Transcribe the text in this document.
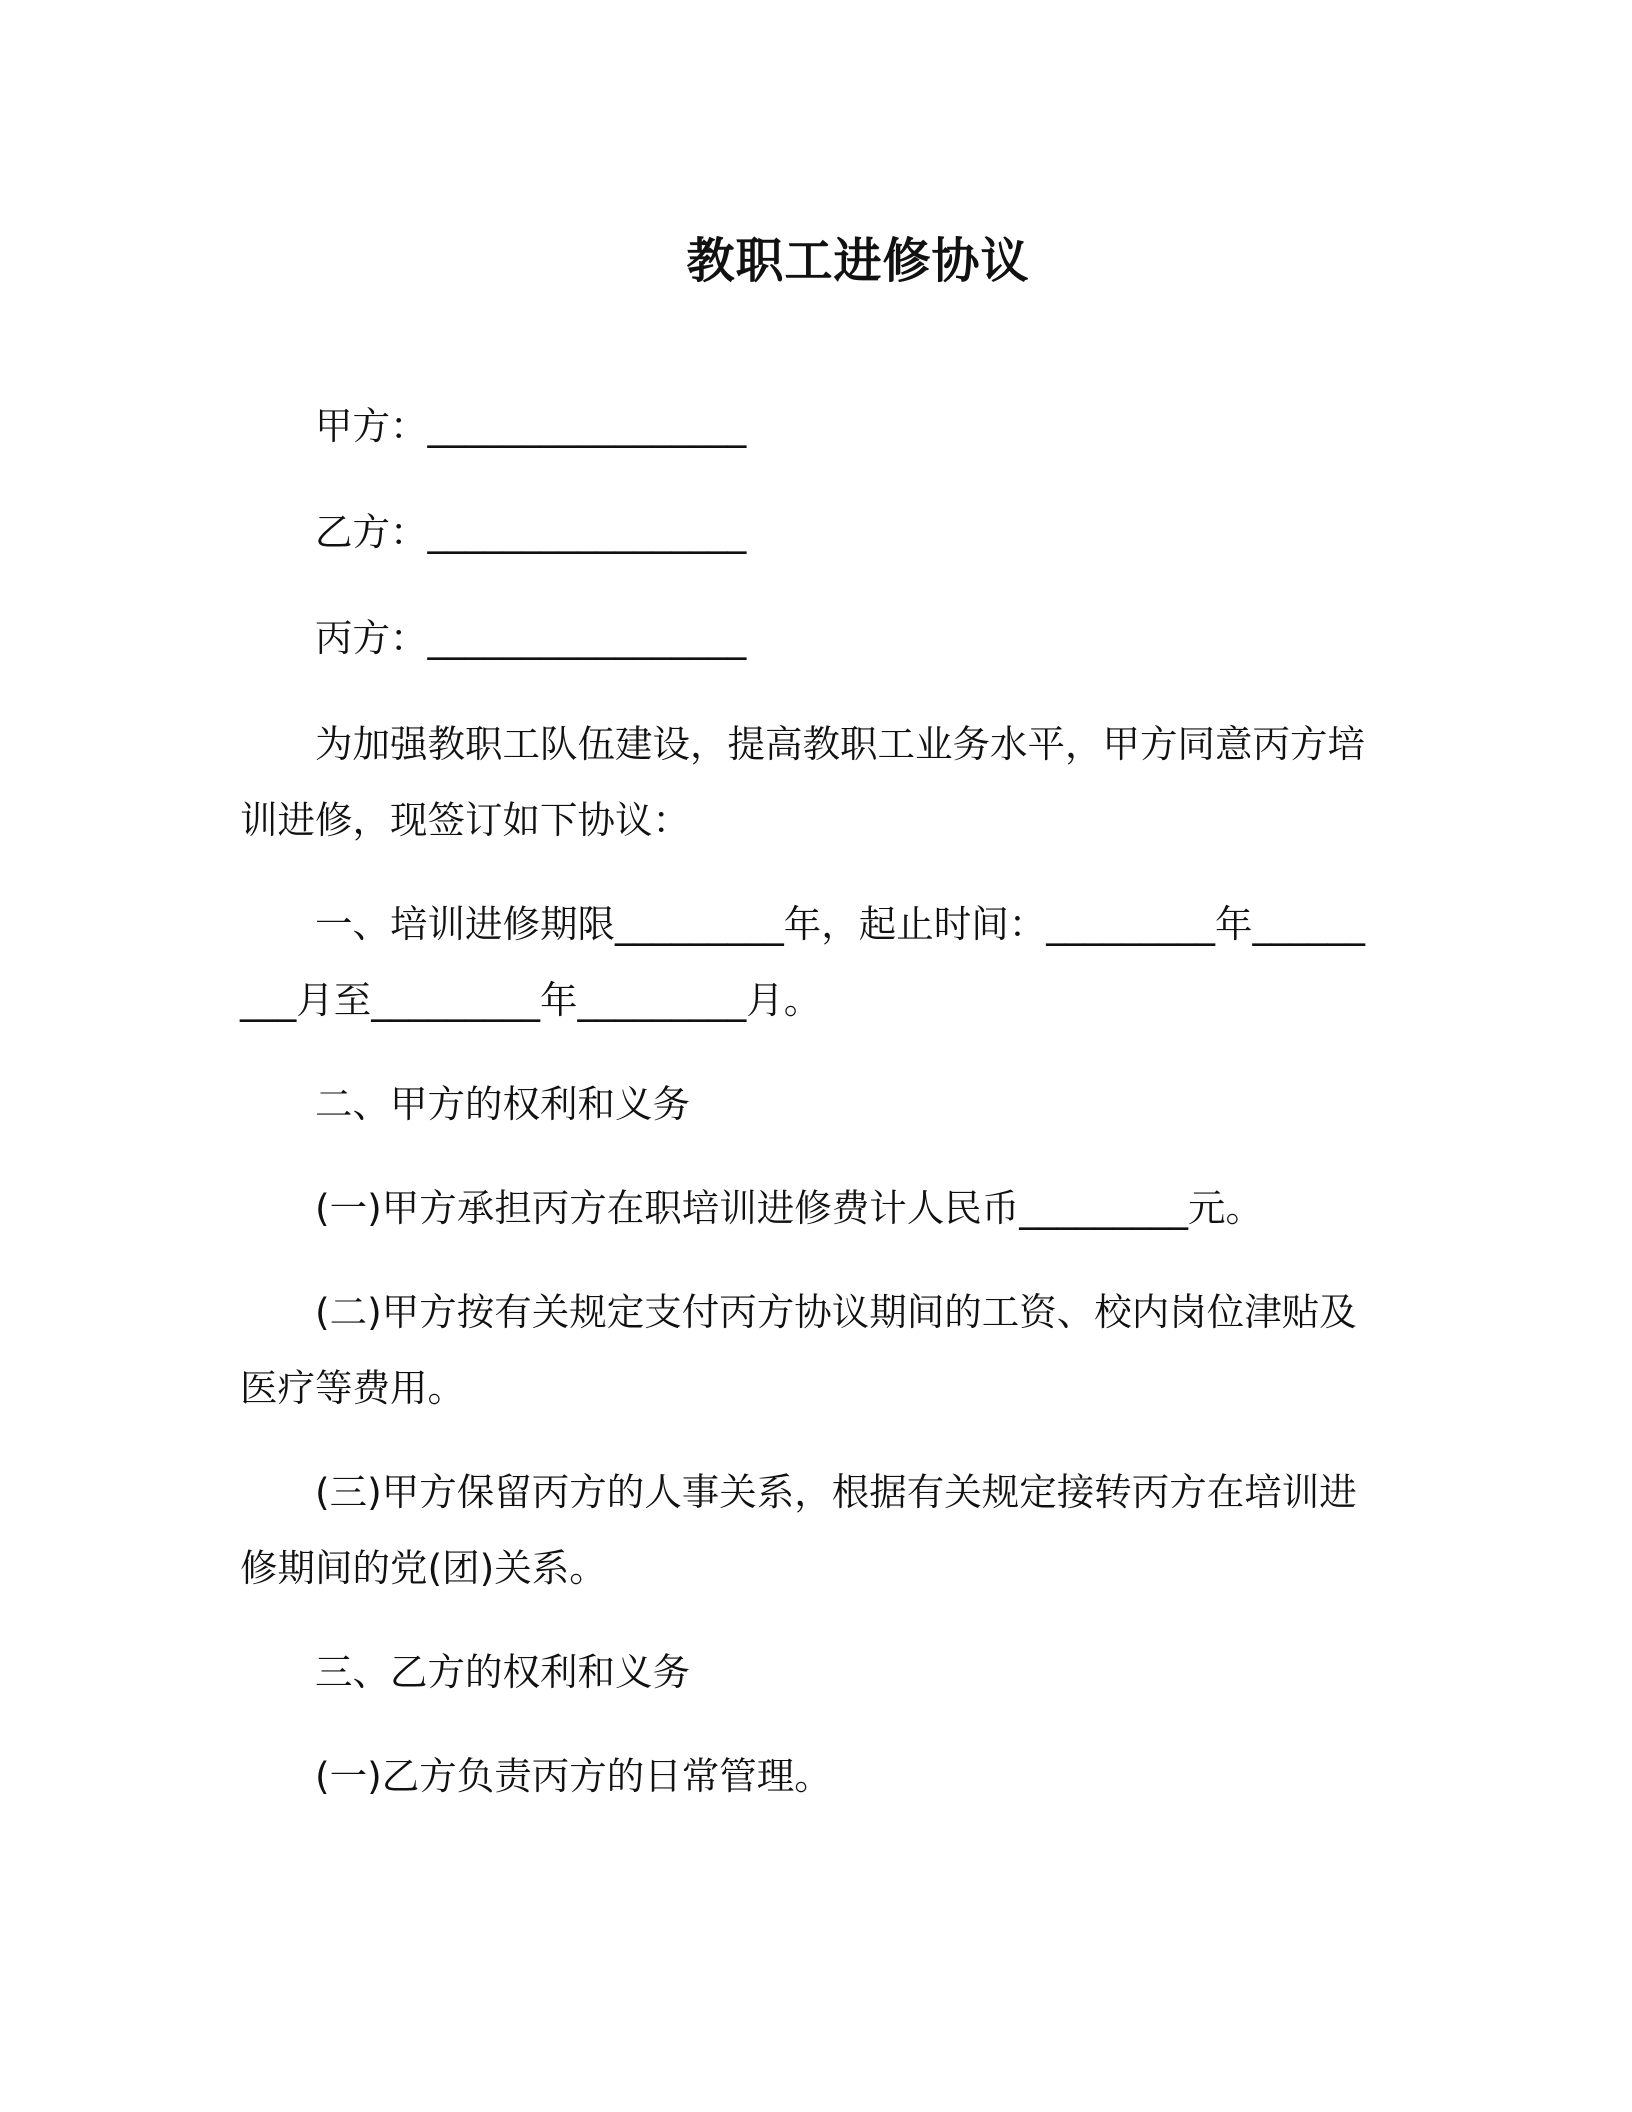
教职工进修协议

甲方：_________________

乙方：_________________

丙方：_________________

为加强教职工队伍建设，提高教职工业务水平，甲方同意丙方培训进修，现签订如下协议：

一、培训进修期限_________年，起止时间：_________年_________月至_________年_________月。

二、甲方的权利和义务

(一)甲方承担丙方在职培训进修费计人民币_________元。

(二)甲方按有关规定支付丙方协议期间的工资、校内岗位津贴及医疗等费用。

(三)甲方保留丙方的人事关系，根据有关规定接转丙方在培训进修期间的党(团)关系。

三、乙方的权利和义务

(一)乙方负责丙方的日常管理。
